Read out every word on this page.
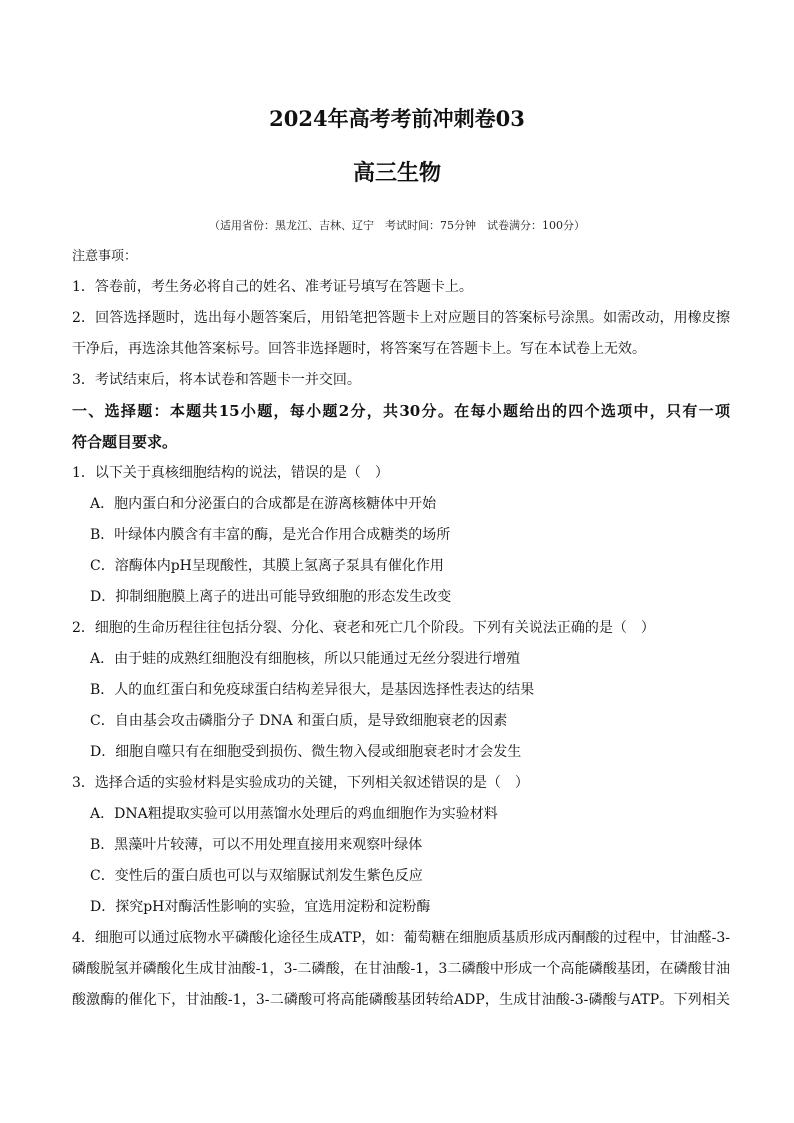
2024年高考考前冲刺卷03
高三生物
（适用省份：黑龙江、吉林、辽宁　考试时间：75分钟　试卷满分：100分）
注意事项：
1．答卷前，考生务必将自己的姓名、准考证号填写在答题卡上。
2．回答选择题时，选出每小题答案后，用铅笔把答题卡上对应题目的答案标号涂黑。如需改动，用橡皮擦
干净后，再选涂其他答案标号。回答非选择题时，将答案写在答题卡上。写在本试卷上无效。
3．考试结束后，将本试卷和答题卡一并交回。
一、选择题：本题共15小题，每小题2分，共30分。在每小题给出的四个选项中，只有一项
符合题目要求。
1．以下关于真核细胞结构的说法，错误的是（　）
A．胞内蛋白和分泌蛋白的合成都是在游离核糖体中开始
B．叶绿体内膜含有丰富的酶，是光合作用合成糖类的场所
C．溶酶体内pH呈现酸性，其膜上氢离子泵具有催化作用
D．抑制细胞膜上离子的进出可能导致细胞的形态发生改变
2．细胞的生命历程往往包括分裂、分化、衰老和死亡几个阶段。下列有关说法正确的是（　）
A．由于蛙的成熟红细胞没有细胞核，所以只能通过无丝分裂进行增殖
B．人的血红蛋白和免疫球蛋白结构差异很大，是基因选择性表达的结果
C．自由基会攻击磷脂分子 DNA 和蛋白质，是导致细胞衰老的因素
D．细胞自噬只有在细胞受到损伤、微生物入侵或细胞衰老时才会发生
3．选择合适的实验材料是实验成功的关键，下列相关叙述错误的是（　）
A．DNA粗提取实验可以用蒸馏水处理后的鸡血细胞作为实验材料
B．黑藻叶片较薄，可以不用处理直接用来观察叶绿体
C．变性后的蛋白质也可以与双缩脲试剂发生紫色反应
D．探究pH对酶活性影响的实验，宜选用淀粉和淀粉酶
4．细胞可以通过底物水平磷酸化途径生成ATP，如：葡萄糖在细胞质基质形成丙酮酸的过程中，甘油醛-3-
磷酸脱氢并磷酸化生成甘油酸-1，3-二磷酸，在甘油酸-1，3二磷酸中形成一个高能磷酸基团，在磷酸甘油
酸激酶的催化下，甘油酸-1，3-二磷酸可将高能磷酸基团转给ADP，生成甘油酸-3-磷酸与ATP。下列相关
